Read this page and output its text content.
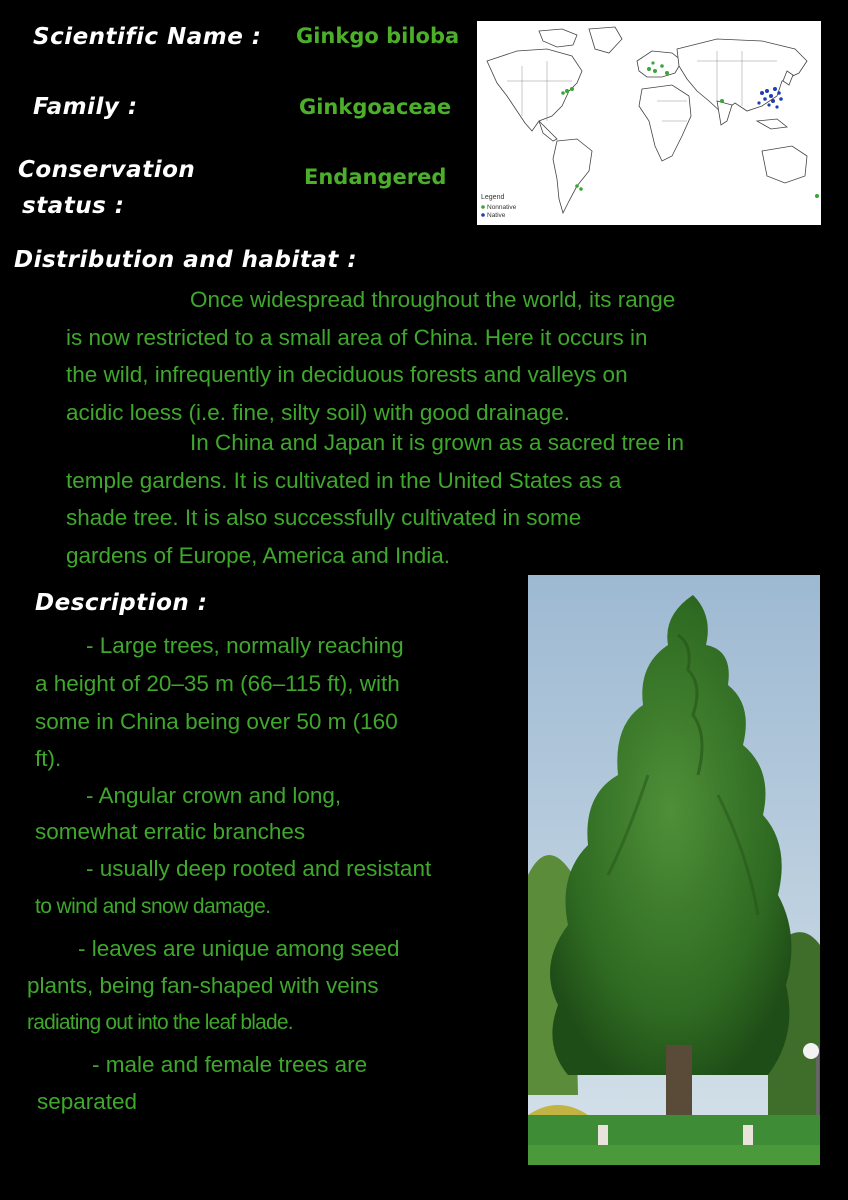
Scientific Name : Ginkgo biloba
Family :	Ginkgoaceae
Conservation
status :
Endangered
Legend
Nonnative
Native
Distribution and habitat :

Once widespread throughout the world, its range

is now restricted to a small area of China. Here it occurs in

the wild, infrequently in deciduous forests and valleys on

acidic loess (i.e. fine, silty soil) with good drainage.

In China and Japan it is grown as a sacred tree in

temple gardens. It is cultivated in the United States as a

shade tree. It is also successfully cultivated in some

gardens of Europe, America and India.

Description :

- Large trees, normally reaching

a height of 20–35 m (66–115 ft), with

some in China being over 50 m (160

ft).

- Angular crown and long,

somewhat erratic branches

- usually deep rooted and resistant

to wind and snow damage.

- leaves are unique among seed

plants, being fan-shaped with veins

radiating out into the leaf blade.

- male and female trees are

separated
